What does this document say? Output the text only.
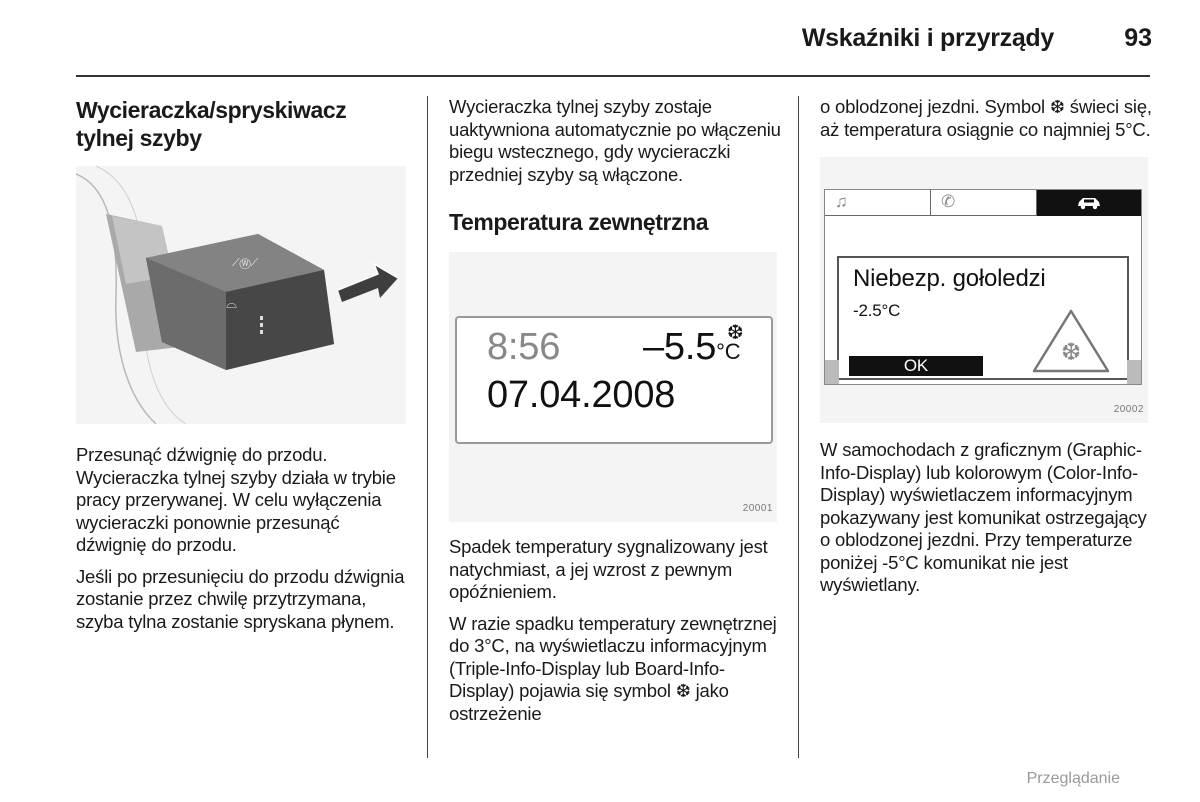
Wskaźniki i przyrządy	93
Wycieraczka/spryskiwacz tylnej szyby
⟋Ⓦ⟋
⌓

Przesunąć dźwignię do przodu. Wycieraczka tylnej szyby działa w trybie pracy przerywanej. W celu wyłączenia wycieraczki ponownie przesunąć dźwignię do przodu.

Jeśli po przesunięciu do przodu dźwignia zostanie przez chwilę przytrzymana, szyba tylna zostanie spryskana płynem.

Wycieraczka tylnej szyby zostaje uaktywniona automatycznie po włączeniu biegu wstecznego, gdy wycieraczki przedniej szyby są włączone.

Temperatura zewnętrzna
8:56 –5.5°C
❆
07.04.2008
20001

Spadek temperatury sygnalizowany jest natychmiast, a jej wzrost z pewnym opóźnieniem.

W razie spadku temperatury zewnętrznej do 3°C, na wyświetlaczu informacyjnym (Triple-Info-Display lub Board-Info-Display) pojawia się symbol ❆ jako ostrzeżenie

o oblodzonej jezdni. Symbol ❆ świeci się, aż temperatura osiągnie co najmniej 5°C.

♫	✆
Niebezp. gołoledzi
-2.5°C
❆
OK
20002

W samochodach z graficznym (Graphic-Info-Display) lub kolorowym (Color-Info-Display) wyświetlaczem informacyjnym pokazywany jest komunikat ostrzegający o oblodzonej jezdni. Przy temperaturze poniżej -5°C komunikat nie jest wyświetlany.

Przeglądanie
